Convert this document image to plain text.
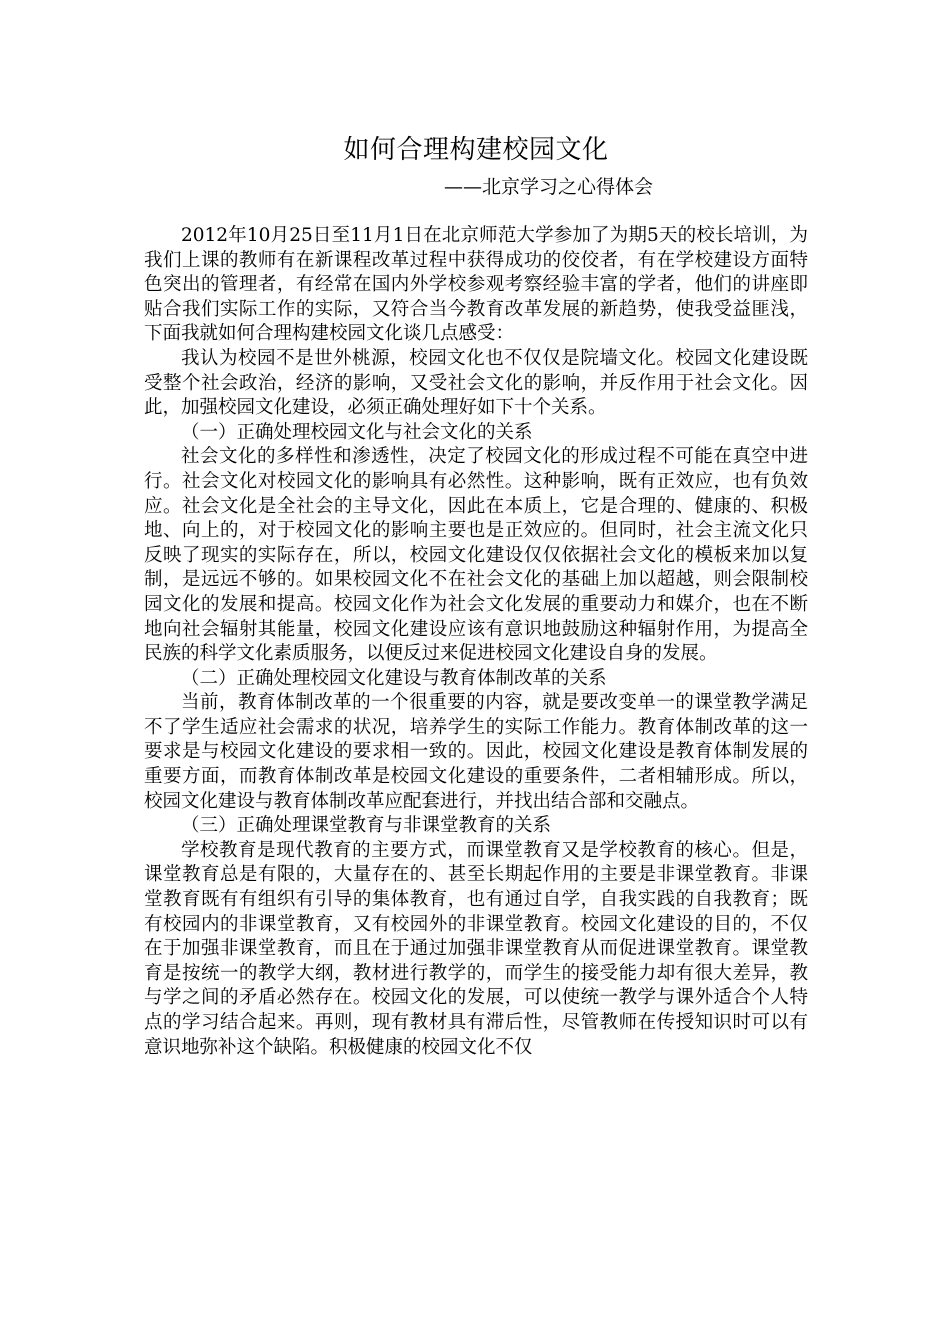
如何合理构建校园文化
——北京学习之心得体会

2012年10月25日至11月1日在北京师范大学参加了为期5天的校长培训，为我们上课的教师有在新课程改革过程中获得成功的佼佼者，有在学校建设方面特色突出的管理者，有经常在国内外学校参观考察经验丰富的学者，他们的讲座即贴合我们实际工作的实际，又符合当今教育改革发展的新趋势，使我受益匪浅，下面我就如何合理构建校园文化谈几点感受：

我认为校园不是世外桃源，校园文化也不仅仅是院墙文化。校园文化建设既受整个社会政治，经济的影响，又受社会文化的影响，并反作用于社会文化。因此，加强校园文化建设，必须正确处理好如下十个关系。

（一）正确处理校园文化与社会文化的关系

社会文化的多样性和渗透性，决定了校园文化的形成过程不可能在真空中进行。社会文化对校园文化的影响具有必然性。这种影响，既有正效应，也有负效应。社会文化是全社会的主导文化，因此在本质上，它是合理的、健康的、积极地、向上的，对于校园文化的影响主要也是正效应的。但同时，社会主流文化只反映了现实的实际存在，所以，校园文化建设仅仅依据社会文化的模板来加以复制，是远远不够的。如果校园文化不在社会文化的基础上加以超越，则会限制校园文化的发展和提高。校园文化作为社会文化发展的重要动力和媒介，也在不断地向社会辐射其能量，校园文化建设应该有意识地鼓励这种辐射作用，为提高全民族的科学文化素质服务，以便反过来促进校园文化建设自身的发展。

（二）正确处理校园文化建设与教育体制改革的关系

当前，教育体制改革的一个很重要的内容，就是要改变单一的课堂教学满足不了学生适应社会需求的状况，培养学生的实际工作能力。教育体制改革的这一要求是与校园文化建设的要求相一致的。因此，校园文化建设是教育体制发展的重要方面，而教育体制改革是校园文化建设的重要条件，二者相辅形成。所以，校园文化建设与教育体制改革应配套进行，并找出结合部和交融点。

（三）正确处理课堂教育与非课堂教育的关系

学校教育是现代教育的主要方式，而课堂教育又是学校教育的核心。但是，课堂教育总是有限的，大量存在的、甚至长期起作用的主要是非课堂教育。非课堂教育既有有组织有引导的集体教育，也有通过自学，自我实践的自我教育；既有校园内的非课堂教育，又有校园外的非课堂教育。校园文化建设的目的，不仅在于加强非课堂教育，而且在于通过加强非课堂教育从而促进课堂教育。课堂教育是按统一的教学大纲，教材进行教学的，而学生的接受能力却有很大差异，教与学之间的矛盾必然存在。校园文化的发展，可以使统一教学与课外适合个人特点的学习结合起来。再则，现有教材具有滞后性，尽管教师在传授知识时可以有意识地弥补这个缺陷。积极健康的校园文化不仅
